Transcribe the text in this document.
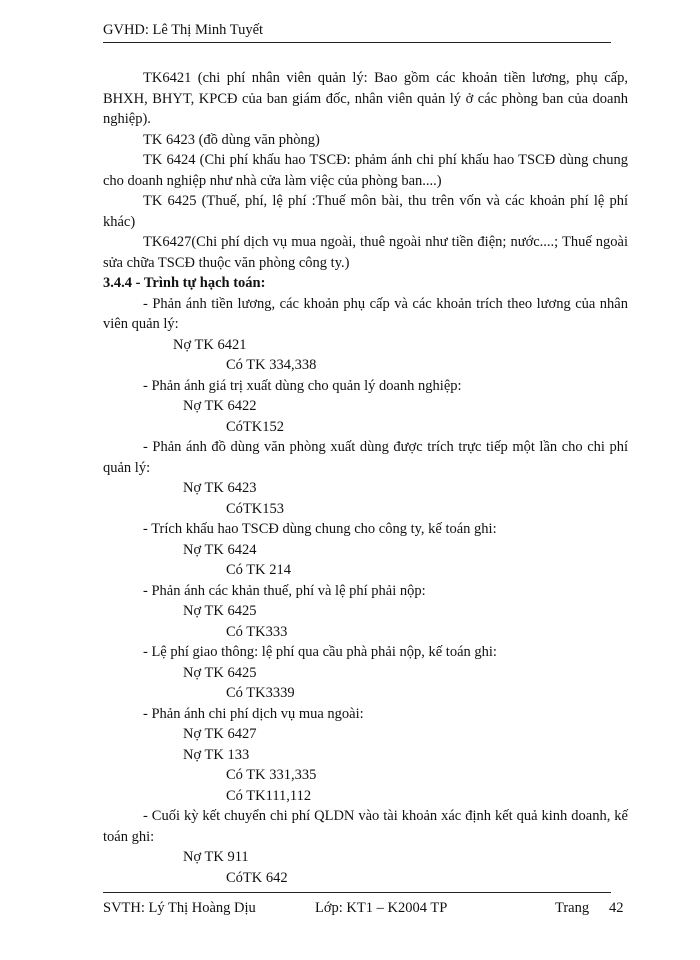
GVHD: Lê Thị Minh Tuyết

TK6421 (chi phí nhân viên quản lý: Bao gồm các khoản tiền lương, phụ cấp, BHXH, BHYT, KPCĐ của ban giám đốc, nhân viên quản lý ở các phòng ban của doanh nghiệp).

TK 6423 (đồ dùng văn phòng)

TK 6424 (Chi phí khấu hao TSCĐ: phảm ánh chi phí khấu hao TSCĐ dùng chung cho doanh nghiệp như nhà cửa làm việc của phòng ban....)

TK 6425 (Thuế, phí, lệ phí :Thuế môn bài, thu trên vốn và các khoản phí lệ phí khác)

TK6427(Chi phí dịch vụ mua ngoài, thuê ngoài như tiền điện; nước....; Thuế ngoài sửa chữa TSCĐ thuộc văn phòng công ty.)

3.4.4 - Trình tự hạch toán:

- Phản ánh tiền lương, các khoản phụ cấp và các khoản trích theo lương của nhân viên quản lý:

Nợ TK 6421

Có TK 334,338

- Phản ánh giá trị xuất dùng cho quản lý doanh nghiệp:

Nợ TK 6422

CóTK152

- Phản ánh đồ dùng văn phòng xuất dùng được trích trực tiếp một lần cho chi phí quản lý:

Nợ TK 6423

CóTK153

- Trích khấu hao TSCĐ dùng chung cho công ty, kế toán ghi:

Nợ TK 6424

Có TK 214

- Phản ánh các khản thuế, phí và lệ phí phải nộp:

Nợ TK 6425

Có TK333

- Lệ phí giao thông: lệ phí qua cầu phà phải nộp, kế toán ghi:

Nợ TK 6425

Có TK3339

- Phản ánh chi phí dịch vụ mua ngoài:

Nợ TK 6427

Nợ TK 133

Có TK 331,335

Có TK111,112

- Cuối kỳ kết chuyển chi phí QLDN vào tài khoản xác định kết quả kinh doanh, kế toán ghi:

Nợ TK 911

CóTK 642

SVTH: Lý Thị Hoàng Dịu	Lớp: KT1 – K2004 TP	Trang 42
